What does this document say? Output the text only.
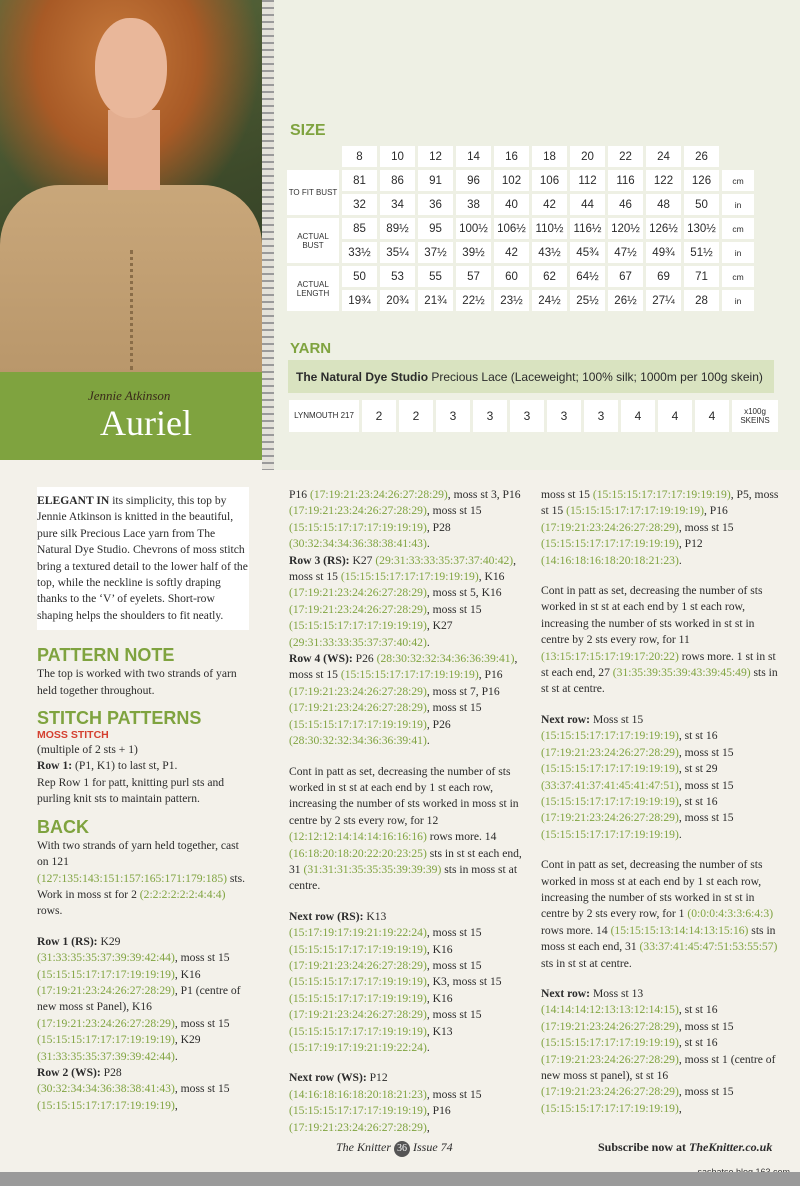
Jennie Atkinson
Auriel
SIZE
	8	10	12	14	16	18	20	22	24	26	
TO FIT BUST	81	86	91	96	102	106	112	116	122	126	cm
	32	34	36	38	40	42	44	46	48	50	in
ACTUAL BUST	85	89½	95	100½	106½	110½	116½	120½	126½	130½	cm
	33½	35¼	37½	39½	42	43½	45¾	47½	49¾	51½	in
ACTUAL LENGTH	50	53	55	57	60	62	64½	67	69	71	cm
	19¾	20¾	21¾	22½	23½	24½	25½	26½	27¼	28	in
YARN
The Natural Dye Studio Precious Lace (Laceweight; 100% silk; 1000m per 100g skein)
LYNMOUTH 217	2	2	3	3	3	3	3	4	4	4	x100g SKEINS

ELEGANT IN its simplicity, this top by Jennie Atkinson is knitted in the beautiful, pure silk Precious Lace yarn from The Natural Dye Studio. Chevrons of moss stitch bring a textured detail to the lower half of the top, while the neckline is softly draping thanks to the ‘V’ of eyelets. Short-row shaping helps the shoulders to fit neatly.

PATTERN NOTE

The top is worked with two strands of yarn held together throughout.

STITCH PATTERNS
MOSS STITCH
(multiple of 2 sts + 1)
Row 1: (P1, K1) to last st, P1.
Rep Row 1 for patt, knitting purl sts and purling knit sts to maintain pattern.
BACK
With two strands of yarn held together, cast on 121 (127:135:143:151:157:165:171:179:185) sts.

Work in moss st for 2 (2:2:2:2:2:2:4:4:4) rows.

Row 1 (RS): K29 (31:33:35:35:37:39:39:42:44), moss st 15 (15:15:15:17:17:17:19:19:19), K16 (17:19:21:23:24:26:27:28:29), P1 (centre of new moss st Panel), K16 (17:19:21:23:24:26:27:28:29), moss st 15 (15:15:15:17:17:17:19:19:19), K29 (31:33:35:35:37:39:39:42:44).
Row 2 (WS): P28 (30:32:34:34:36:38:38:41:43), moss st 15 (15:15:15:17:17:17:19:19:19),

P16 (17:19:21:23:24:26:27:28:29), moss st 3, P16 (17:19:21:23:24:26:27:28:29), moss st 15 (15:15:15:17:17:17:19:19:19), P28 (30:32:34:34:36:38:38:41:43).
Row 3 (RS): K27 (29:31:33:33:35:37:37:40:42), moss st 15 (15:15:15:17:17:17:19:19:19), K16 (17:19:21:23:24:26:27:28:29), moss st 5, K16 (17:19:21:23:24:26:27:28:29), moss st 15 (15:15:15:17:17:17:19:19:19), K27 (29:31:33:33:35:37:37:40:42).
Row 4 (WS): P26 (28:30:32:32:34:36:36:39:41), moss st 15 (15:15:15:17:17:17:19:19:19), P16 (17:19:21:23:24:26:27:28:29), moss st 7, P16 (17:19:21:23:24:26:27:28:29), moss st 15 (15:15:15:17:17:17:19:19:19), P26 (28:30:32:32:34:36:36:39:41).

Cont in patt as set, decreasing the number of sts worked in st st at each end by 1 st each row, increasing the number of sts worked in moss st in centre by 2 sts every row, for 12 (12:12:12:14:14:14:16:16:16) rows more. 14 (16:18:20:18:20:22:20:23:25) sts in st st each end, 31 (31:31:31:35:35:35:39:39:39) sts in moss st at centre.

Next row (RS): K13 (15:17:19:17:19:21:19:22:24), moss st 15 (15:15:15:17:17:17:19:19:19), K16 (17:19:21:23:24:26:27:28:29), moss st 15 (15:15:15:17:17:17:19:19:19), K3, moss st 15 (15:15:15:17:17:17:19:19:19), K16 (17:19:21:23:24:26:27:28:29), moss st 15 (15:15:15:17:17:17:19:19:19), K13 (15:17:19:17:19:21:19:22:24).

Next row (WS): P12 (14:16:18:16:18:20:18:21:23), moss st 15 (15:15:15:17:17:17:19:19:19), P16 (17:19:21:23:24:26:27:28:29),

moss st 15 (15:15:15:17:17:17:19:19:19), P5, moss st 15 (15:15:15:17:17:17:19:19:19), P16 (17:19:21:23:24:26:27:28:29), moss st 15 (15:15:15:17:17:17:19:19:19), P12 (14:16:18:16:18:20:18:21:23).

Cont in patt as set, decreasing the number of sts worked in st st at each end by 1 st each row, increasing the number of sts worked in st st in centre by 2 sts every row, for 11 (13:15:17:15:17:19:17:20:22) rows more. 1 st in st st each end, 27 (31:35:39:35:39:43:39:45:49) sts in st st at centre.

Next row: Moss st 15 (15:15:15:17:17:17:19:19:19), st st 16 (17:19:21:23:24:26:27:28:29), moss st 15 (15:15:15:17:17:17:19:19:19), st st 29 (33:37:41:37:41:45:41:47:51), moss st 15 (15:15:15:17:17:17:19:19:19), st st 16 (17:19:21:23:24:26:27:28:29), moss st 15 (15:15:15:17:17:17:19:19:19).

Cont in patt as set, decreasing the number of sts worked in moss st at each end by 1 st each row, increasing the number of sts worked in st st in centre by 2 sts every row, for 1 (0:0:0:4:3:3:6:4:3) rows more. 14 (15:15:15:13:14:14:13:15:16) sts in moss st each end, 31 (33:37:41:45:47:51:53:55:57) sts in st st at centre.

Next row: Moss st 13 (14:14:14:12:13:13:12:14:15), st st 16 (17:19:21:23:24:26:27:28:29), moss st 15 (15:15:15:17:17:17:19:19:19), st st 16 (17:19:21:23:24:26:27:28:29), moss st 1 (centre of new moss st panel), st st 16 (17:19:21:23:24:26:27:28:29), moss st 15 (15:15:15:17:17:17:19:19:19),

The Knitter 36 Issue 74	Subscribe now at TheKnitter.co.uk
